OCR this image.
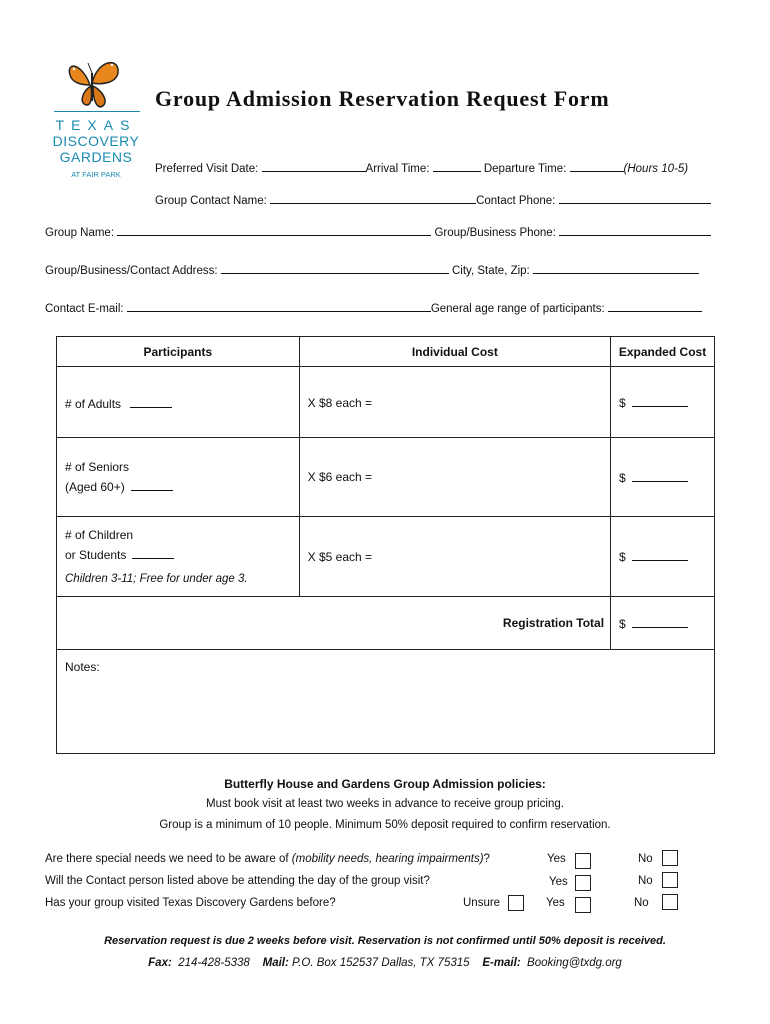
TEXAS
DISCOVERY
GARDENS
AT FAIR PARK
Group Admission Reservation Request Form
Preferred Visit Date:	Arrival Time:	Departure Time:	(Hours 10-5)
Group Contact Name:	Contact Phone:
Group Name:	Group/Business Phone:
Group/Business/Contact Address:	City, State, Zip:
Contact E-mail:	General age range of participants:
Participants	Individual Cost	Expanded Cost
# of Adults	X $8 each =	$

# of Seniors
(Aged 60+)	X $6 each =	$

# of Children
or Students
Children 3-11; Free for under age 3.	X $5 each =	$
Registration Total		$
Notes:		
Butterfly House and Gardens Group Admission policies:
Must book visit at least two weeks in advance to receive group pricing.
Group is a minimum of 10 people. Minimum 50% deposit required to confirm reservation.
Are there special needs we need to be aware of (mobility needs, hearing impairments)?	Yes	No
Will the Contact person listed above be attending the day of the group visit?	Yes	No
Has your group visited Texas Discovery Gardens before?	Unsure	Yes	No
Reservation request is due 2 weeks before visit. Reservation is not confirmed until 50% deposit is received.
Fax: 214-428-5338 Mail: P.O. Box 152537 Dallas, TX 75315 E-mail: Booking@txdg.org
